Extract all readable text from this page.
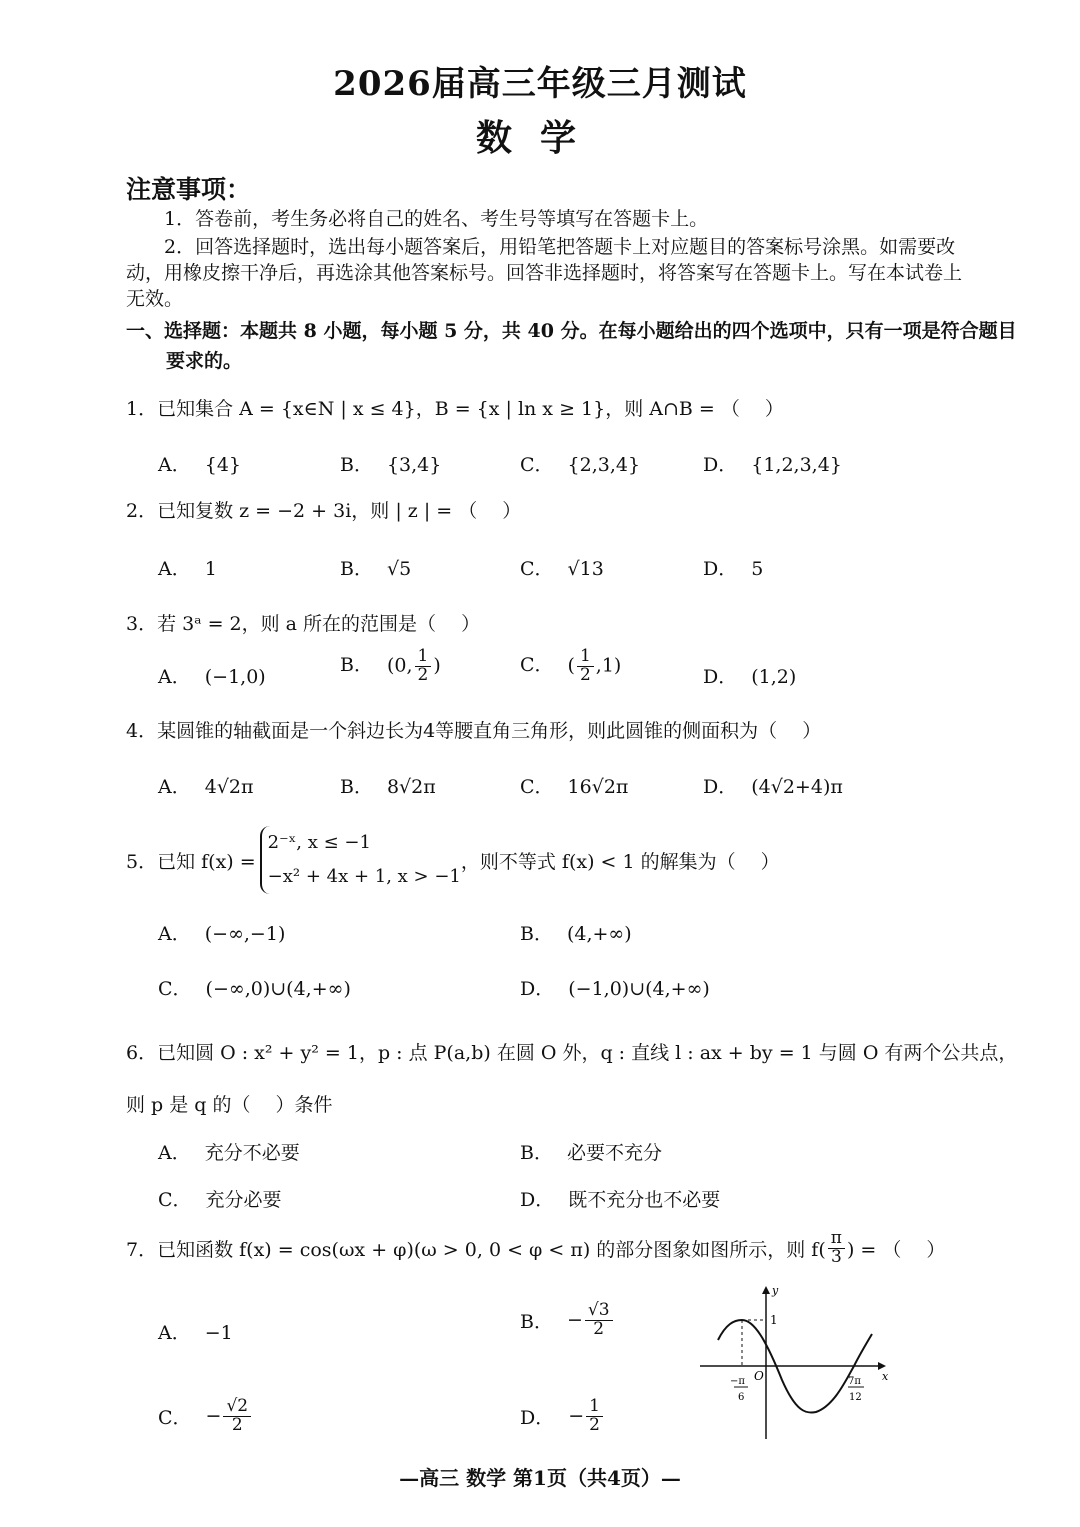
2026届高三年级三月测试
数学
注意事项：
1．答卷前，考生务必将自己的姓名、考生号等填写在答题卡上。
2．回答选择题时，选出每小题答案后，用铅笔把答题卡上对应题目的答案标号涂黑。如需要改动，用橡皮擦干净后，再选涂其他答案标号。回答非选择题时，将答案写在答题卡上。写在本试卷上无效。
一、选择题：本题共 8 小题，每小题 5 分，共 40 分。在每小题给出的四个选项中，只有一项是符合题目要求的。
1．已知集合 A = {x∈N | x ≤ 4}，B = {x | ln x ≥ 1}，则 A∩B = （　 ）
A． {4}	B． {3,4}	C． {2,3,4}	D． {1,2,3,4}
2．已知复数 z = −2 + 3i，则 | z | = （　 ）
A． 1	B． √5	C． √13	D． 5
3．若 3ᵃ = 2，则 a 所在的范围是（　 ）
A． (−1,0)
B． (0, $\frac{1}{2}$ )	C． ( $\frac{1}{2} ,1$)
D． (1,2)
4．某圆锥的轴截面是一个斜边长为4等腰直角三角形，则此圆锥的侧面积为（　 ）
A． 4√2π	B． 8√2π	C． 16√2π	D． (4√2+4)π
5．已知 f(x) =
2⁻ˣ, x ≤ −1
−x² + 4x + 1, x > −1
，则不等式 f(x) < 1 的解集为（　 ）
A． (−∞,−1)	B． (4,+∞)
C． (−∞,0)∪(4,+∞)	D． (−1,0)∪(4,+∞)
6．已知圆 O : x² + y² = 1，p : 点 P(a,b) 在圆 O 外，q : 直线 l : ax + by = 1 与圆 O 有两个公共点，
则 p 是 q 的（　 ）条件
A． 充分不必要	B． 必要不充分
C． 充分必要	D． 既不充分也不必要
7．已知函数 f(x) = cos(ωx + φ)(ω > 0, 0 < φ < π) 的部分图象如图所示，则 $f( \frac{\pi}{3}$ ) = （　 ）
A． −1
B． − $\frac{√3}{2}$
C． − $\frac{√2}{2}$	D． − $\frac{1}{2}$
y
x
O
1
−π
6
7π
12
—高三 数学 第1页（共4页）—
